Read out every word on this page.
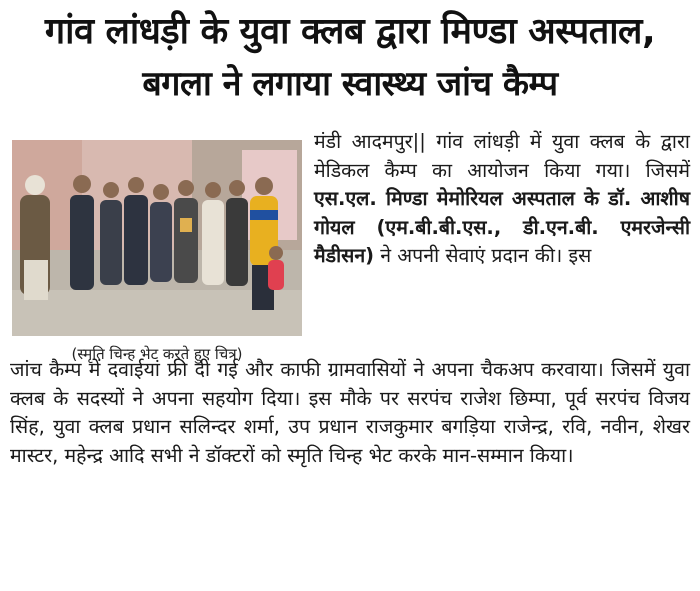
गांव लांधड़ी के युवा क्लब द्वारा मिण्डा अस्पताल,
बगला ने लगाया स्वास्थ्य जांच कैम्प
(स्मृति चिन्ह भेट करते हुए चित्र)

मंडी आदमपुर|| गांव लांधड़ी में युवा क्लब के द्वारा मेडिकल कैम्प का आयोजन किया गया। जिसमें एस.एल. मिण्डा मेमोरियल अस्पताल के डॉ. आशीष गोयल (एम.बी.बी.एस., डी.एन.बी. एमरजेन्सी मैडीसन) ने अपनी सेवाएं प्रदान की। इस

जांच कैम्प में दवाईयां फ्री दी गई और काफी ग्रामवासियों ने अपना चैकअप करवाया। जिसमें युवा क्लब के सदस्यों ने अपना सहयोग दिया। इस मौके पर सरपंच राजेश छिम्पा, पूर्व सरपंच विजय सिंह, युवा क्लब प्रधान सलिन्दर शर्मा, उप प्रधान राजकुमार बगड़िया राजेन्द्र, रवि, नवीन, शेखर मास्टर, महेन्द्र आदि सभी ने डॉक्टरों को स्मृति चिन्ह भेट करके मान-सम्मान किया।
